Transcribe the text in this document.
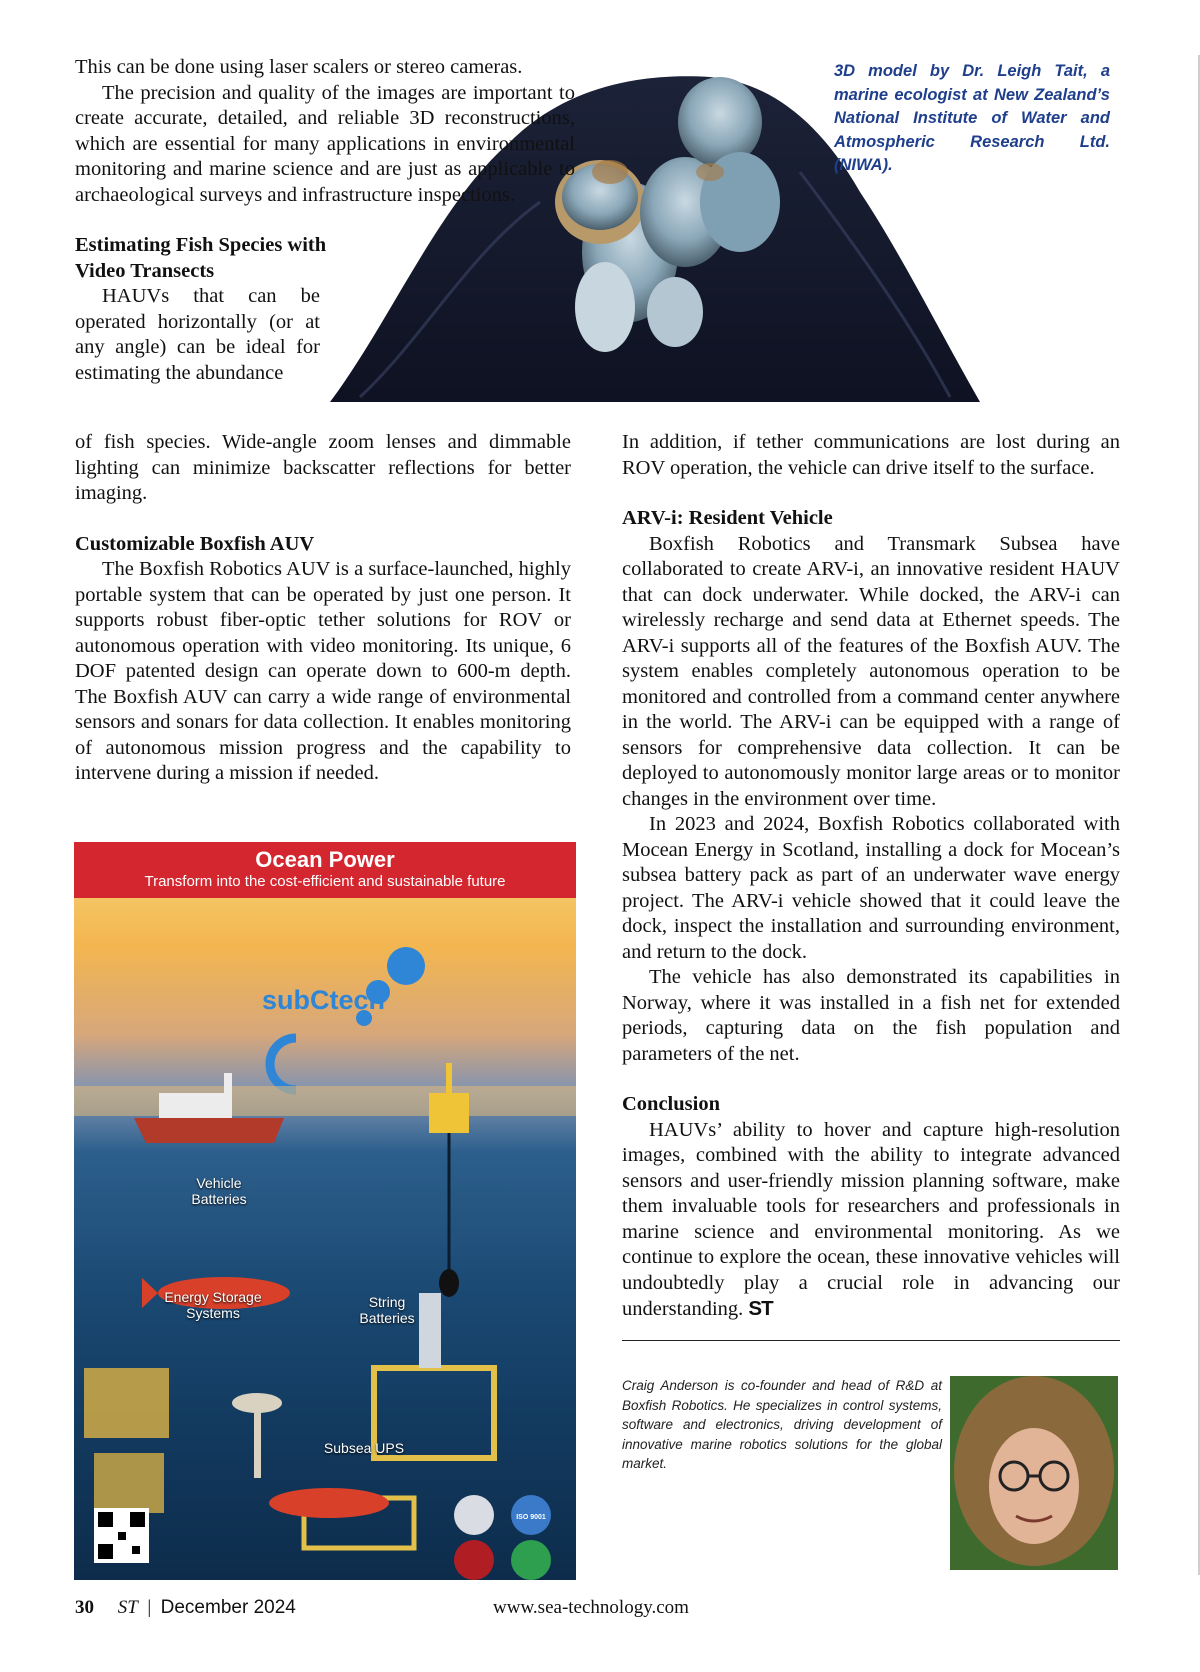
3D model by Dr. Leigh Tait, a marine ecologist at New Zealand’s National Institute of Water and Atmospheric Research Ltd. (NIWA).

This can be done using laser scalers or stereo cameras.

The precision and quality of the images are important to create accurate, detailed, and reliable 3D reconstructions, which are essential for many applications in environmental monitoring and marine science and are just as applicable to archaeological surveys and infrastructure inspections.

Estimating Fish Species with Video Transects

HAUVs that can be operated horizontally (or at any angle) can be ideal for estimating the abundance

of fish species. Wide-angle zoom lenses and dimmable lighting can minimize backscatter reflections for better imaging.

Customizable Boxfish AUV

The Boxfish Robotics AUV is a surface-launched, highly portable system that can be operated by just one person. It supports robust fiber-optic tether solutions for ROV or autonomous operation with video monitoring. Its unique, 6 DOF patented design can operate down to 600-m depth. The Boxfish AUV can carry a wide range of environmental sensors and sonars for data collection. It enables monitoring of autonomous mission progress and the capability to intervene during a mission if needed.

In addition, if tether communications are lost during an ROV operation, the vehicle can drive itself to the surface.

ARV-i: Resident Vehicle

Boxfish Robotics and Transmark Subsea have collaborated to create ARV-i, an innovative resident HAUV that can dock underwater. While docked, the ARV-i can wirelessly recharge and send data at Ethernet speeds. The ARV-i supports all of the features of the Boxfish AUV. The system enables completely autonomous operation to be monitored and controlled from a command center anywhere in the world. The ARV-i can be equipped with a range of sensors for comprehensive data collection. It can be deployed to autonomously monitor large areas or to monitor changes in the environment over time.

In 2023 and 2024, Boxfish Robotics collaborated with Mocean Energy in Scotland, installing a dock for Mocean’s subsea battery pack as part of an underwater wave energy project. The ARV-i vehicle showed that it could leave the dock, inspect the installation and surrounding environment, and return to the dock.

The vehicle has also demonstrated its capabilities in Norway, where it was installed in a fish net for extended periods, capturing data on the fish population and parameters of the net.

Conclusion

HAUVs’ ability to hover and capture high-resolution images, combined with the ability to integrate advanced sensors and user-friendly mission planning software, make them invaluable tools for researchers and professionals in marine science and environmental monitoring. As we continue to explore the ocean, these innovative vehicles will undoubtedly play a crucial role in advancing our understanding. ST

Ocean Power
Transform into the cost-efficient and sustainable future
subCtech
Vehicle Batteries
Energy Storage Systems
String Batteries
Subsea UPS
ISO 9001
Craig Anderson is co-founder and head of R&D at Boxfish Robotics. He specializes in control systems, software and electronics, driving development of innovative marine robotics solutions for the global market.
30 ST | December 2024	www.sea-technology.com
